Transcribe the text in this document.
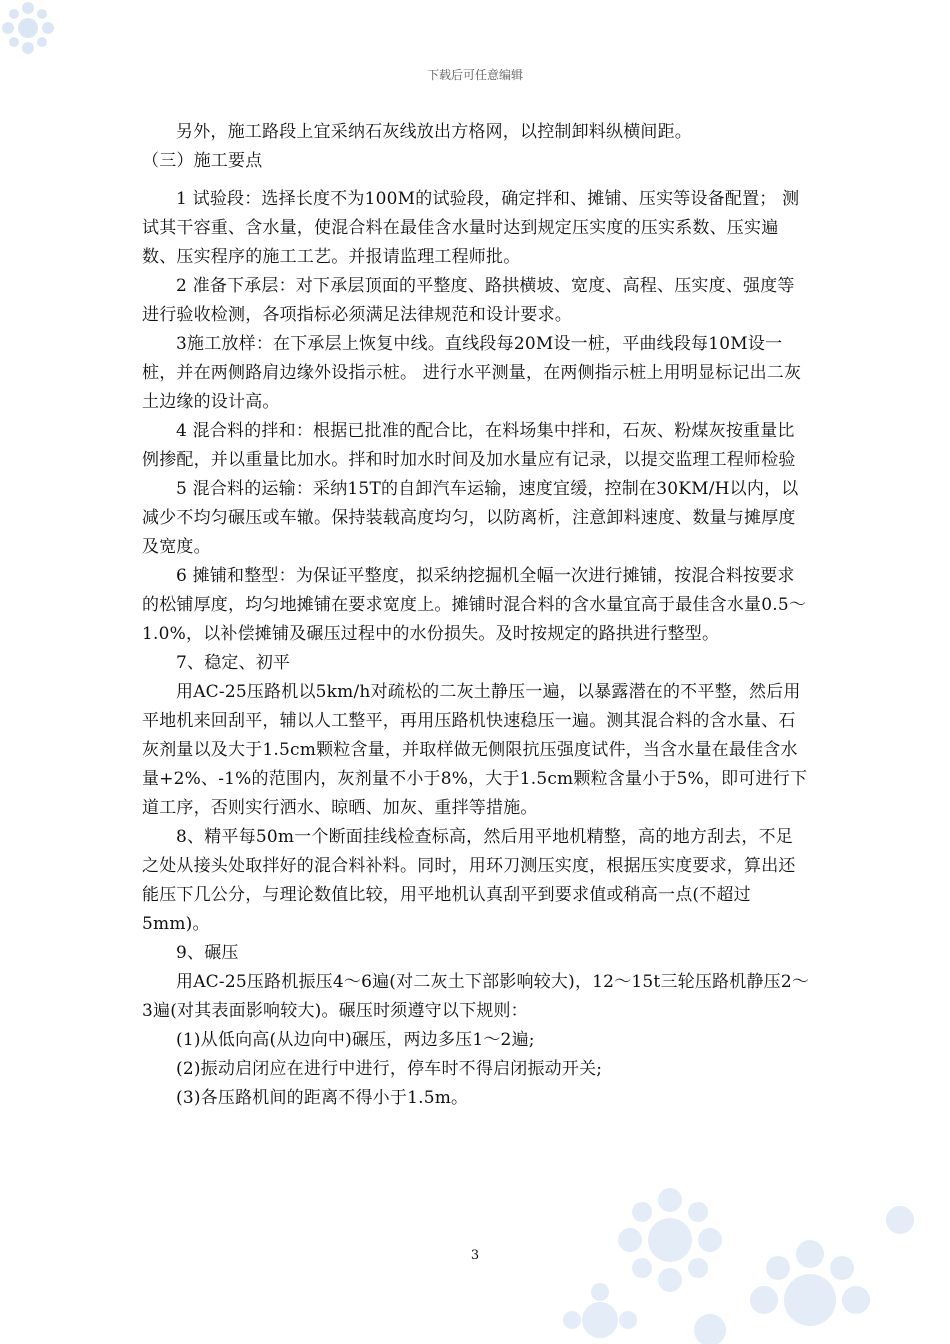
下载后可任意编辑

另外，施工路段上宜采纳石灰线放出方格网，以控制卸料纵横间距。

（三）施工要点

1 试验段：选择长度不为100M的试验段，确定拌和、摊铺、压实等设备配置； 测试其干容重、含水量，使混合料在最佳含水量时达到规定压实度的压实系数、压实遍数、压实程序的施工工艺。并报请监理工程师批。

2 准备下承层：对下承层顶面的平整度、路拱横坡、宽度、高程、压实度、强度等进行验收检测，各项指标必须满足法律规范和设计要求。

3施工放样：在下承层上恢复中线。直线段每20M设一桩，平曲线段每10M设一桩，并在两侧路肩边缘外设指示桩。 进行水平测量，在两侧指示桩上用明显标记出二灰土边缘的设计高。

4 混合料的拌和：根据已批准的配合比，在料场集中拌和，石灰、粉煤灰按重量比例掺配，并以重量比加水。拌和时加水时间及加水量应有记录，以提交监理工程师检验

5 混合料的运输：采纳15T的自卸汽车运输，速度宜缓，控制在30KM/H以内，以减少不均匀碾压或车辙。保持装载高度均匀，以防离析，注意卸料速度、数量与摊厚度及宽度。

6 摊铺和整型：为保证平整度，拟采纳挖掘机全幅一次进行摊铺，按混合料按要求的松铺厚度，均匀地摊铺在要求宽度上。摊铺时混合料的含水量宜高于最佳含水量0.5～1.0%，以补偿摊铺及碾压过程中的水份损失。及时按规定的路拱进行整型。

7、稳定、初平

用AC-25压路机以5km/h对疏松的二灰土静压一遍，以暴露潜在的不平整，然后用平地机来回刮平，辅以人工整平，再用压路机快速稳压一遍。测其混合料的含水量、石灰剂量以及大于1.5cm颗粒含量，并取样做无侧限抗压强度试件，当含水量在最佳含水量+2%、-1%的范围内，灰剂量不小于8%，大于1.5cm颗粒含量小于5%，即可进行下道工序，否则实行洒水、晾晒、加灰、重拌等措施。

8、精平每50m一个断面挂线检查标高，然后用平地机精整，高的地方刮去，不足之处从接头处取拌好的混合料补料。同时，用环刀测压实度，根据压实度要求，算出还能压下几公分，与理论数值比较，用平地机认真刮平到要求值或稍高一点(不超过5mm)。

9、碾压

用AC-25压路机振压4～6遍(对二灰土下部影响较大)，12～15t三轮压路机静压2～3遍(对其表面影响较大)。碾压时须遵守以下规则：

(1)从低向高(从边向中)碾压，两边多压1～2遍;

(2)振动启闭应在进行中进行，停车时不得启闭振动开关;

(3)各压路机间的距离不得小于1.5m。

3
